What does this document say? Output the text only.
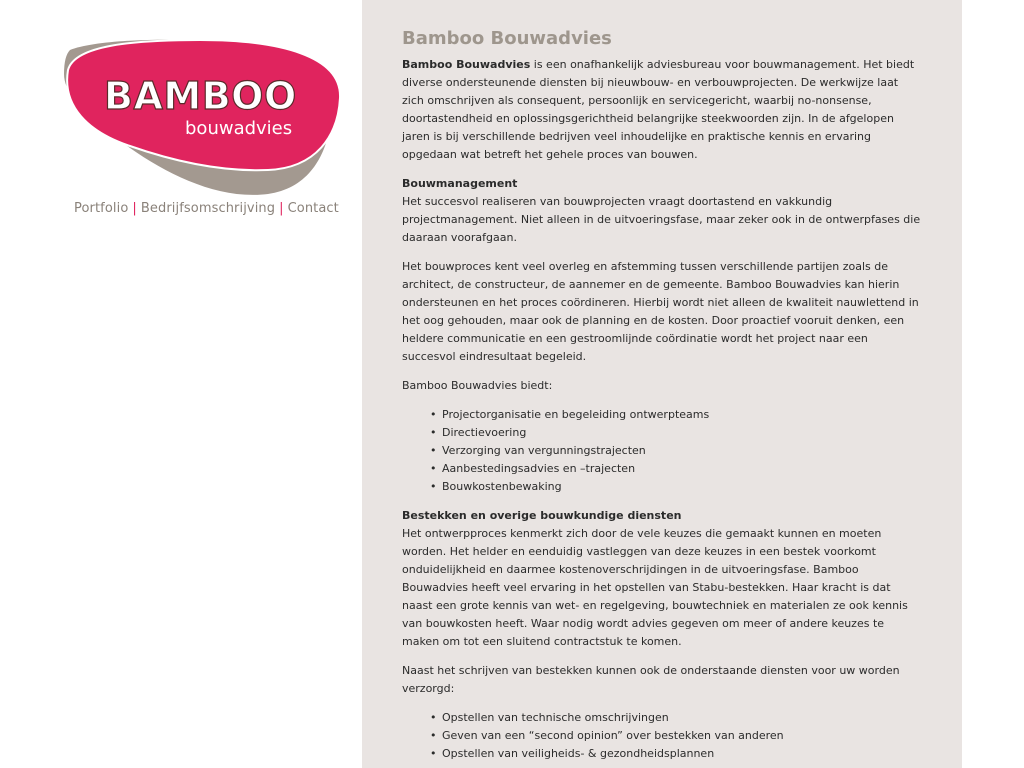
BAMBOO
bouwadvies
Portfolio | Bedrijfsomschrijving | Contact
Bamboo Bouwadvies

Bamboo Bouwadvies is een onafhankelijk adviesbureau voor bouwmanagement. Het biedt diverse ondersteunende diensten bij nieuwbouw- en verbouwprojecten. De werkwijze laat zich omschrijven als consequent, persoonlijk en servicegericht, waarbij no-nonsense, doortastendheid en oplossingsgerichtheid belangrijke steekwoorden zijn. In de afgelopen jaren is bij verschillende bedrijven veel inhoudelijke en praktische kennis en ervaring opgedaan wat betreft het gehele proces van bouwen.

Bouwmanagement

Het succesvol realiseren van bouwprojecten vraagt doortastend en vakkundig projectmanagement. Niet alleen in de uitvoeringsfase, maar zeker ook in de ontwerpfases die daaraan voorafgaan.

Het bouwproces kent veel overleg en afstemming tussen verschillende partijen zoals de architect, de constructeur, de aannemer en de gemeente. Bamboo Bouwadvies kan hierin ondersteunen en het proces coördineren. Hierbij wordt niet alleen de kwaliteit nauwlettend in het oog gehouden, maar ook de planning en de kosten. Door proactief vooruit denken, een heldere communicatie en een gestroomlijnde coördinatie wordt het project naar een succesvol eindresultaat begeleid.

Bamboo Bouwadvies biedt:

• Projectorganisatie en begeleiding ontwerpteams
• Directievoering
• Verzorging van vergunningstrajecten
• Aanbestedingsadvies en –trajecten
• Bouwkostenbewaking
Bestekken en overige bouwkundige diensten

Het ontwerpproces kenmerkt zich door de vele keuzes die gemaakt kunnen en moeten worden. Het helder en eenduidig vastleggen van deze keuzes in een bestek voorkomt onduidelijkheid en daarmee kostenoverschrijdingen in de uitvoeringsfase. Bamboo Bouwadvies heeft veel ervaring in het opstellen van Stabu-bestekken. Haar kracht is dat naast een grote kennis van wet- en regelgeving, bouwtechniek en materialen ze ook kennis van bouwkosten heeft. Waar nodig wordt advies gegeven om meer of andere keuzes te maken om tot een sluitend contractstuk te komen.

Naast het schrijven van bestekken kunnen ook de onderstaande diensten voor uw worden verzorgd:

• Opstellen van technische omschrijvingen
• Geven van een “second opinion” over bestekken van anderen
• Opstellen van veiligheids- & gezondheidsplannen
